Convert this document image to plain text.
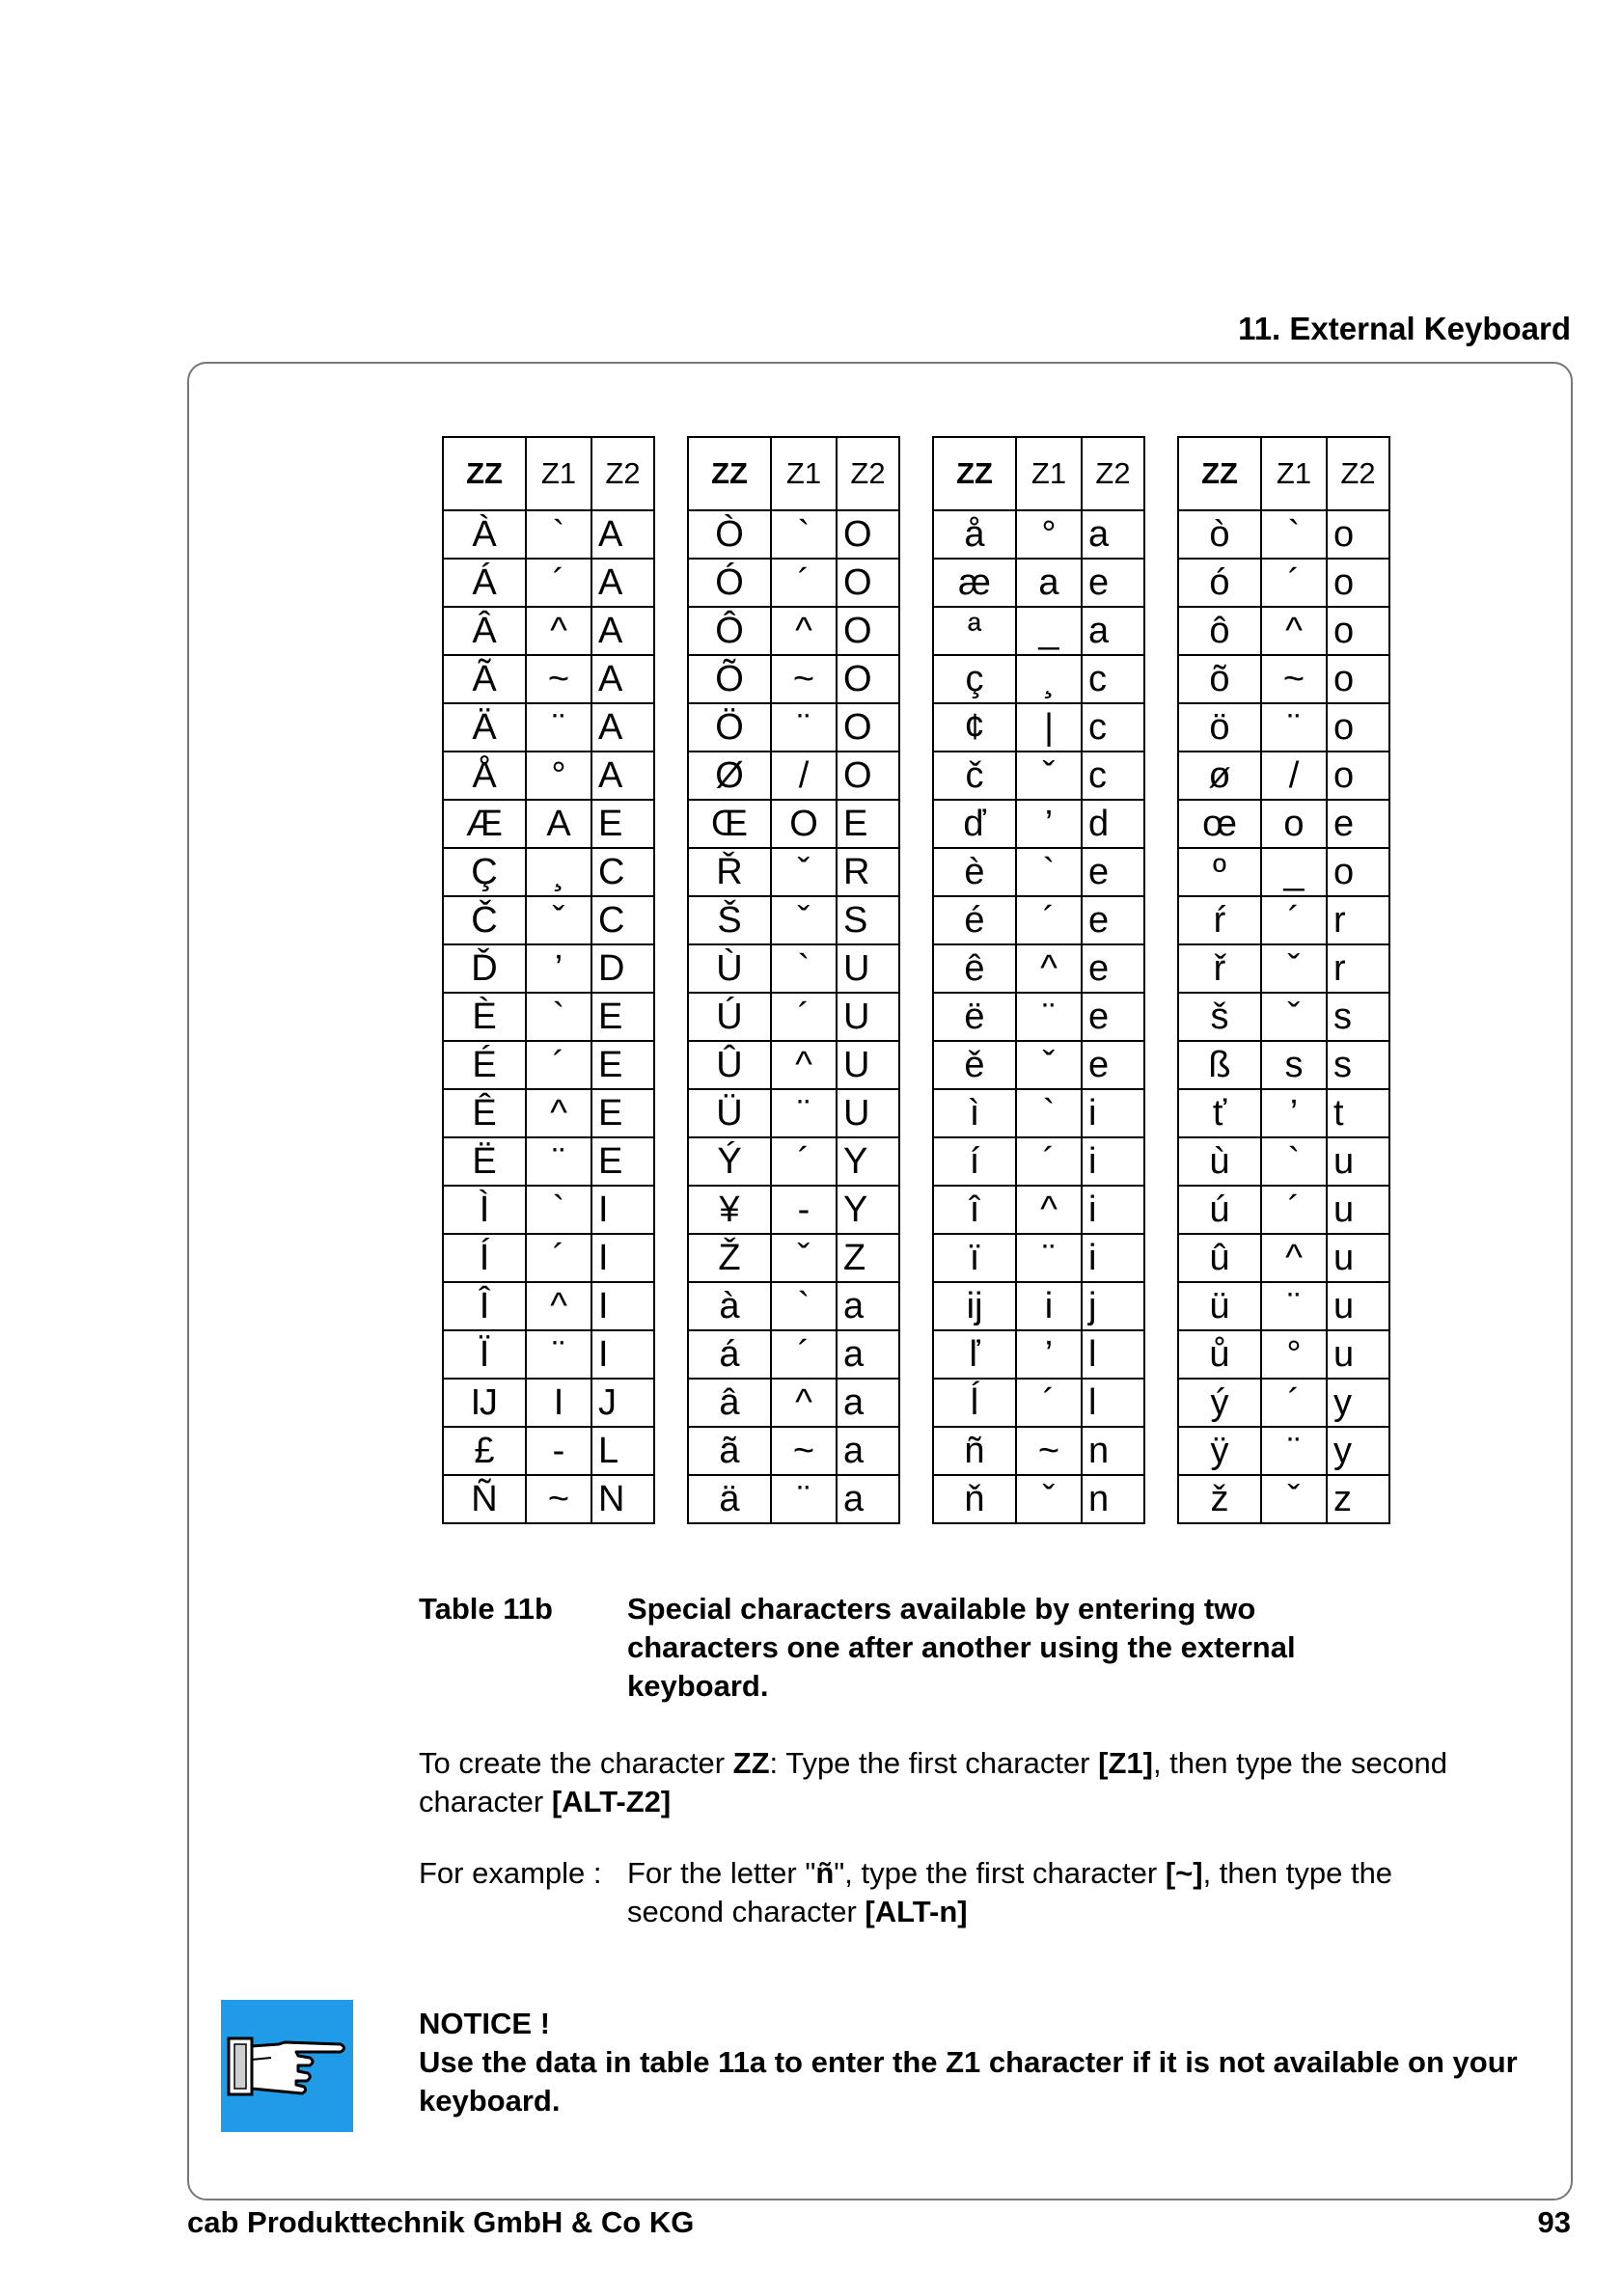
11. External Keyboard
ZZ	Z1	Z2
À	`	A
Á	´	A
Â	^	A
Ã	~	A
Ä	¨	A
Å	°	A
Æ	A	E
Ç	¸	C
Č	ˇ	C
Ď	’	D
È	`	E
É	´	E
Ê	^	E
Ë	¨	E
Ì	`	I
Í	´	I
Î	^	I
Ï	¨	I
Ĳ	I	J
£	-	L
Ñ	~	N
ZZ	Z1	Z2
Ò	`	O
Ó	´	O
Ô	^	O
Õ	~	O
Ö	¨	O
Ø	/	O
Œ	O	E
Ř	ˇ	R
Š	ˇ	S
Ù	`	U
Ú	´	U
Û	^	U
Ü	¨	U
Ý	´	Y
¥	-	Y
Ž	ˇ	Z
à	`	a
á	´	a
â	^	a
ã	~	a
ä	¨	a
ZZ	Z1	Z2
å	°	a
æ	a	e
ª	_	a
ç	¸	c
¢	|	c
č	ˇ	c
ď	’	d
è	`	e
é	´	e
ê	^	e
ë	¨	e
ě	ˇ	e
ì	`	i
í	´	i
î	^	i
ï	¨	i
ĳ	i	j
ľ	’	l
ĺ	´	l
ñ	~	n
ň	ˇ	n
ZZ	Z1	Z2
ò	`	o
ó	´	o
ô	^	o
õ	~	o
ö	¨	o
ø	/	o
œ	o	e
º	_	o
ŕ	´	r
ř	ˇ	r
š	ˇ	s
ß	s	s
ť	’	t
ù	`	u
ú	´	u
û	^	u
ü	¨	u
ů	°	u
ý	´	y
ÿ	¨	y
ž	ˇ	z
Table 11b	Special characters available by entering two characters one after another using the external keyboard.
To create the character ZZ: Type the first character [Z1], then type the second character [ALT-Z2]
For example : For the letter "ñ", type the first character [~], then type the second character [ALT-n]
NOTICE !
Use the data in table 11a to enter the Z1 character if it is not available on your keyboard.
cab Produkttechnik GmbH & Co KG	93
